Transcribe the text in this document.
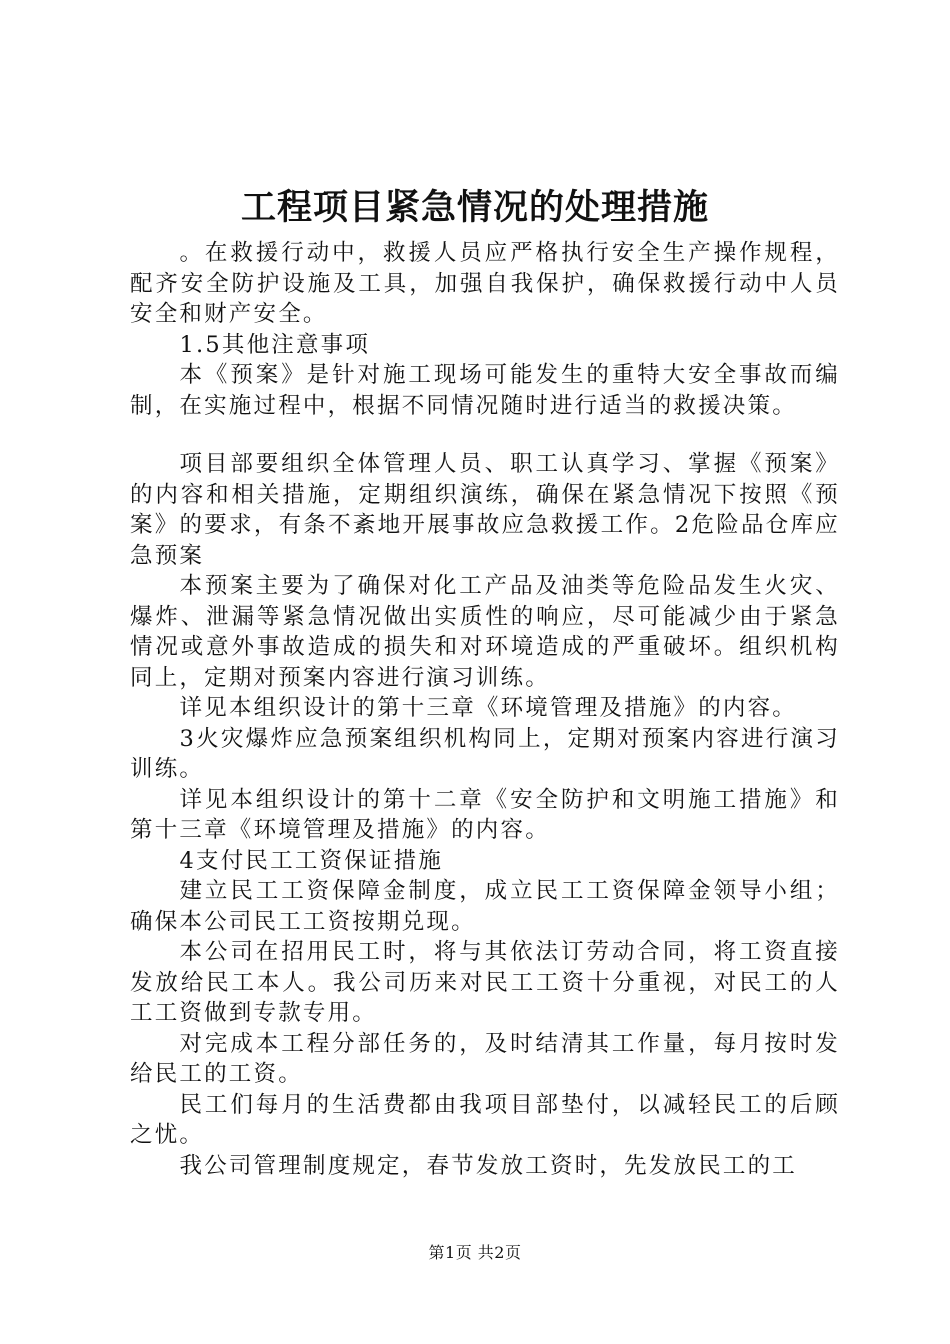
工程项目紧急情况的处理措施

。在救援行动中，救援人员应严格执行安全生产操作规程，配齐安全防护设施及工具，加强自我保护，确保救援行动中人员安全和财产安全。

1.5其他注意事项

本《预案》是针对施工现场可能发生的重特大安全事故而编制，在实施过程中，根据不同情况随时进行适当的救援决策。

项目部要组织全体管理人员、职工认真学习、掌握《预案》的内容和相关措施，定期组织演练，确保在紧急情况下按照《预案》的要求，有条不紊地开展事故应急救援工作。2危险品仓库应急预案

本预案主要为了确保对化工产品及油类等危险品发生火灾、爆炸、泄漏等紧急情况做出实质性的响应，尽可能减少由于紧急情况或意外事故造成的损失和对环境造成的严重破坏。组织机构同上，定期对预案内容进行演习训练。

详见本组织设计的第十三章《环境管理及措施》的内容。

3火灾爆炸应急预案组织机构同上，定期对预案内容进行演习训练。

详见本组织设计的第十二章《安全防护和文明施工措施》和第十三章《环境管理及措施》的内容。

4支付民工工资保证措施

建立民工工资保障金制度，成立民工工资保障金领导小组；确保本公司民工工资按期兑现。

本公司在招用民工时，将与其依法订劳动合同，将工资直接发放给民工本人。我公司历来对民工工资十分重视，对民工的人工工资做到专款专用。

对完成本工程分部任务的，及时结清其工作量，每月按时发给民工的工资。

民工们每月的生活费都由我项目部垫付，以减轻民工的后顾之忧。

我公司管理制度规定，春节发放工资时，先发放民工的工

第1页 共2页
